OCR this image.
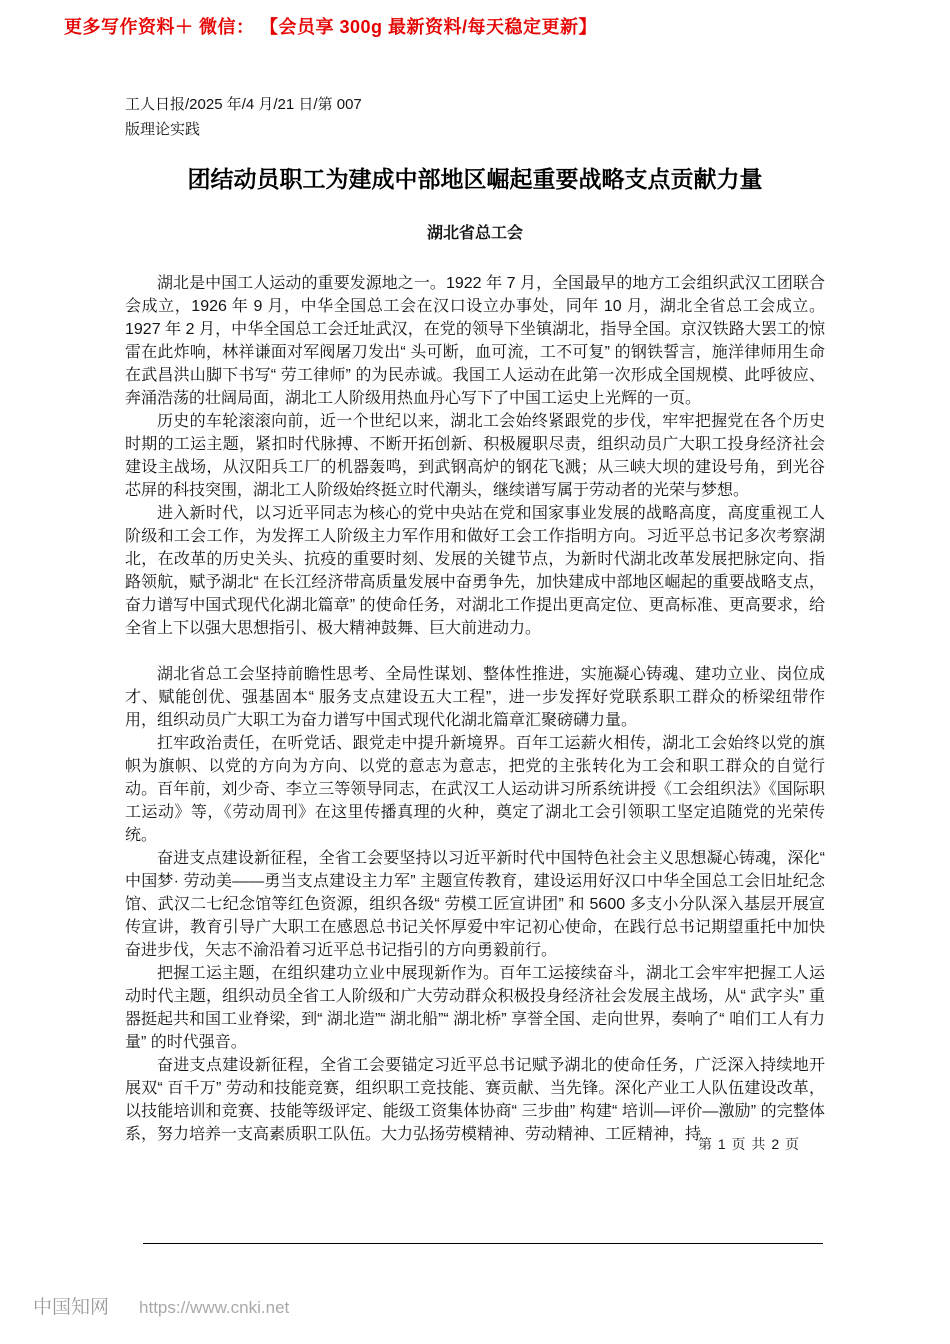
更多写作资料＋ 微信： 【会员享 300g 最新资料/每天稳定更新】
工人日报/2025 年/4 月/21 日/第 007
版理论实践
团结动员职工为建成中部地区崛起重要战略支点贡献力量
湖北省总工会

湖北是中国工人运动的重要发源地之一。1922 年 7 月，全国最早的地方工会组织武汉工团联合会成立，1926 年 9 月，中华全国总工会在汉口设立办事处，同年 10 月，湖北全省总工会成立。1927 年 2 月，中华全国总工会迁址武汉，在党的领导下坐镇湖北，指导全国。京汉铁路大罢工的惊雷在此炸响，林祥谦面对军阀屠刀发出“ 头可断，血可流，工不可复” 的钢铁誓言，施洋律师用生命在武昌洪山脚下书写“ 劳工律师” 的为民赤诚。我国工人运动在此第一次形成全国规模、此呼彼应、奔涌浩荡的壮阔局面，湖北工人阶级用热血丹心写下了中国工运史上光辉的一页。

历史的车轮滚滚向前，近一个世纪以来，湖北工会始终紧跟党的步伐，牢牢把握党在各个历史时期的工运主题，紧扣时代脉搏、不断开拓创新、积极履职尽责，组织动员广大职工投身经济社会建设主战场，从汉阳兵工厂的机器轰鸣，到武钢高炉的钢花飞溅；从三峡大坝的建设号角，到光谷芯屏的科技突围，湖北工人阶级始终挺立时代潮头，继续谱写属于劳动者的光荣与梦想。

进入新时代，以习近平同志为核心的党中央站在党和国家事业发展的战略高度，高度重视工人阶级和工会工作，为发挥工人阶级主力军作用和做好工会工作指明方向。习近平总书记多次考察湖北，在改革的历史关头、抗疫的重要时刻、发展的关键节点，为新时代湖北改革发展把脉定向、指路领航，赋予湖北“ 在长江经济带高质量发展中奋勇争先，加快建成中部地区崛起的重要战略支点，奋力谱写中国式现代化湖北篇章” 的使命任务，对湖北工作提出更高定位、更高标准、更高要求，给全省上下以强大思想指引、极大精神鼓舞、巨大前进动力。

湖北省总工会坚持前瞻性思考、全局性谋划、整体性推进，实施凝心铸魂、建功立业、岗位成才、赋能创优、强基固本“ 服务支点建设五大工程”，进一步发挥好党联系职工群众的桥梁纽带作用，组织动员广大职工为奋力谱写中国式现代化湖北篇章汇聚磅礴力量。

扛牢政治责任，在听党话、跟党走中提升新境界。百年工运薪火相传，湖北工会始终以党的旗帜为旗帜、以党的方向为方向、以党的意志为意志，把党的主张转化为工会和职工群众的自觉行动。百年前，刘少奇、李立三等领导同志，在武汉工人运动讲习所系统讲授《工会组织法》《国际职工运动》等，《劳动周刊》在这里传播真理的火种，奠定了湖北工会引领职工坚定追随党的光荣传统。

奋进支点建设新征程，全省工会要坚持以习近平新时代中国特色社会主义思想凝心铸魂，深化“ 中国梦· 劳动美——勇当支点建设主力军” 主题宣传教育，建设运用好汉口中华全国总工会旧址纪念馆、武汉二七纪念馆等红色资源，组织各级“ 劳模工匠宣讲团” 和 5600 多支小分队深入基层开展宣传宣讲，教育引导广大职工在感恩总书记关怀厚爱中牢记初心使命，在践行总书记期望重托中加快奋进步伐，矢志不渝沿着习近平总书记指引的方向勇毅前行。

把握工运主题，在组织建功立业中展现新作为。百年工运接续奋斗，湖北工会牢牢把握工人运动时代主题，组织动员全省工人阶级和广大劳动群众积极投身经济社会发展主战场，从“ 武字头” 重器挺起共和国工业脊梁，到“ 湖北造”“ 湖北船”“ 湖北桥” 享誉全国、走向世界，奏响了“ 咱们工人有力量” 的时代强音。

奋进支点建设新征程，全省工会要锚定习近平总书记赋予湖北的使命任务，广泛深入持续地开展双“ 百千万” 劳动和技能竞赛，组织职工竞技能、赛贡献、当先锋。深化产业工人队伍建设改革，以技能培训和竞赛、技能等级评定、能级工资集体协商“ 三步曲” 构建“ 培训—评价—激励” 的完整体系，努力培养一支高素质职工队伍。大力弘扬劳模精神、劳动精神、工匠精神，持

第 1 页 共 2 页
中国知网 https://www.cnki.net
